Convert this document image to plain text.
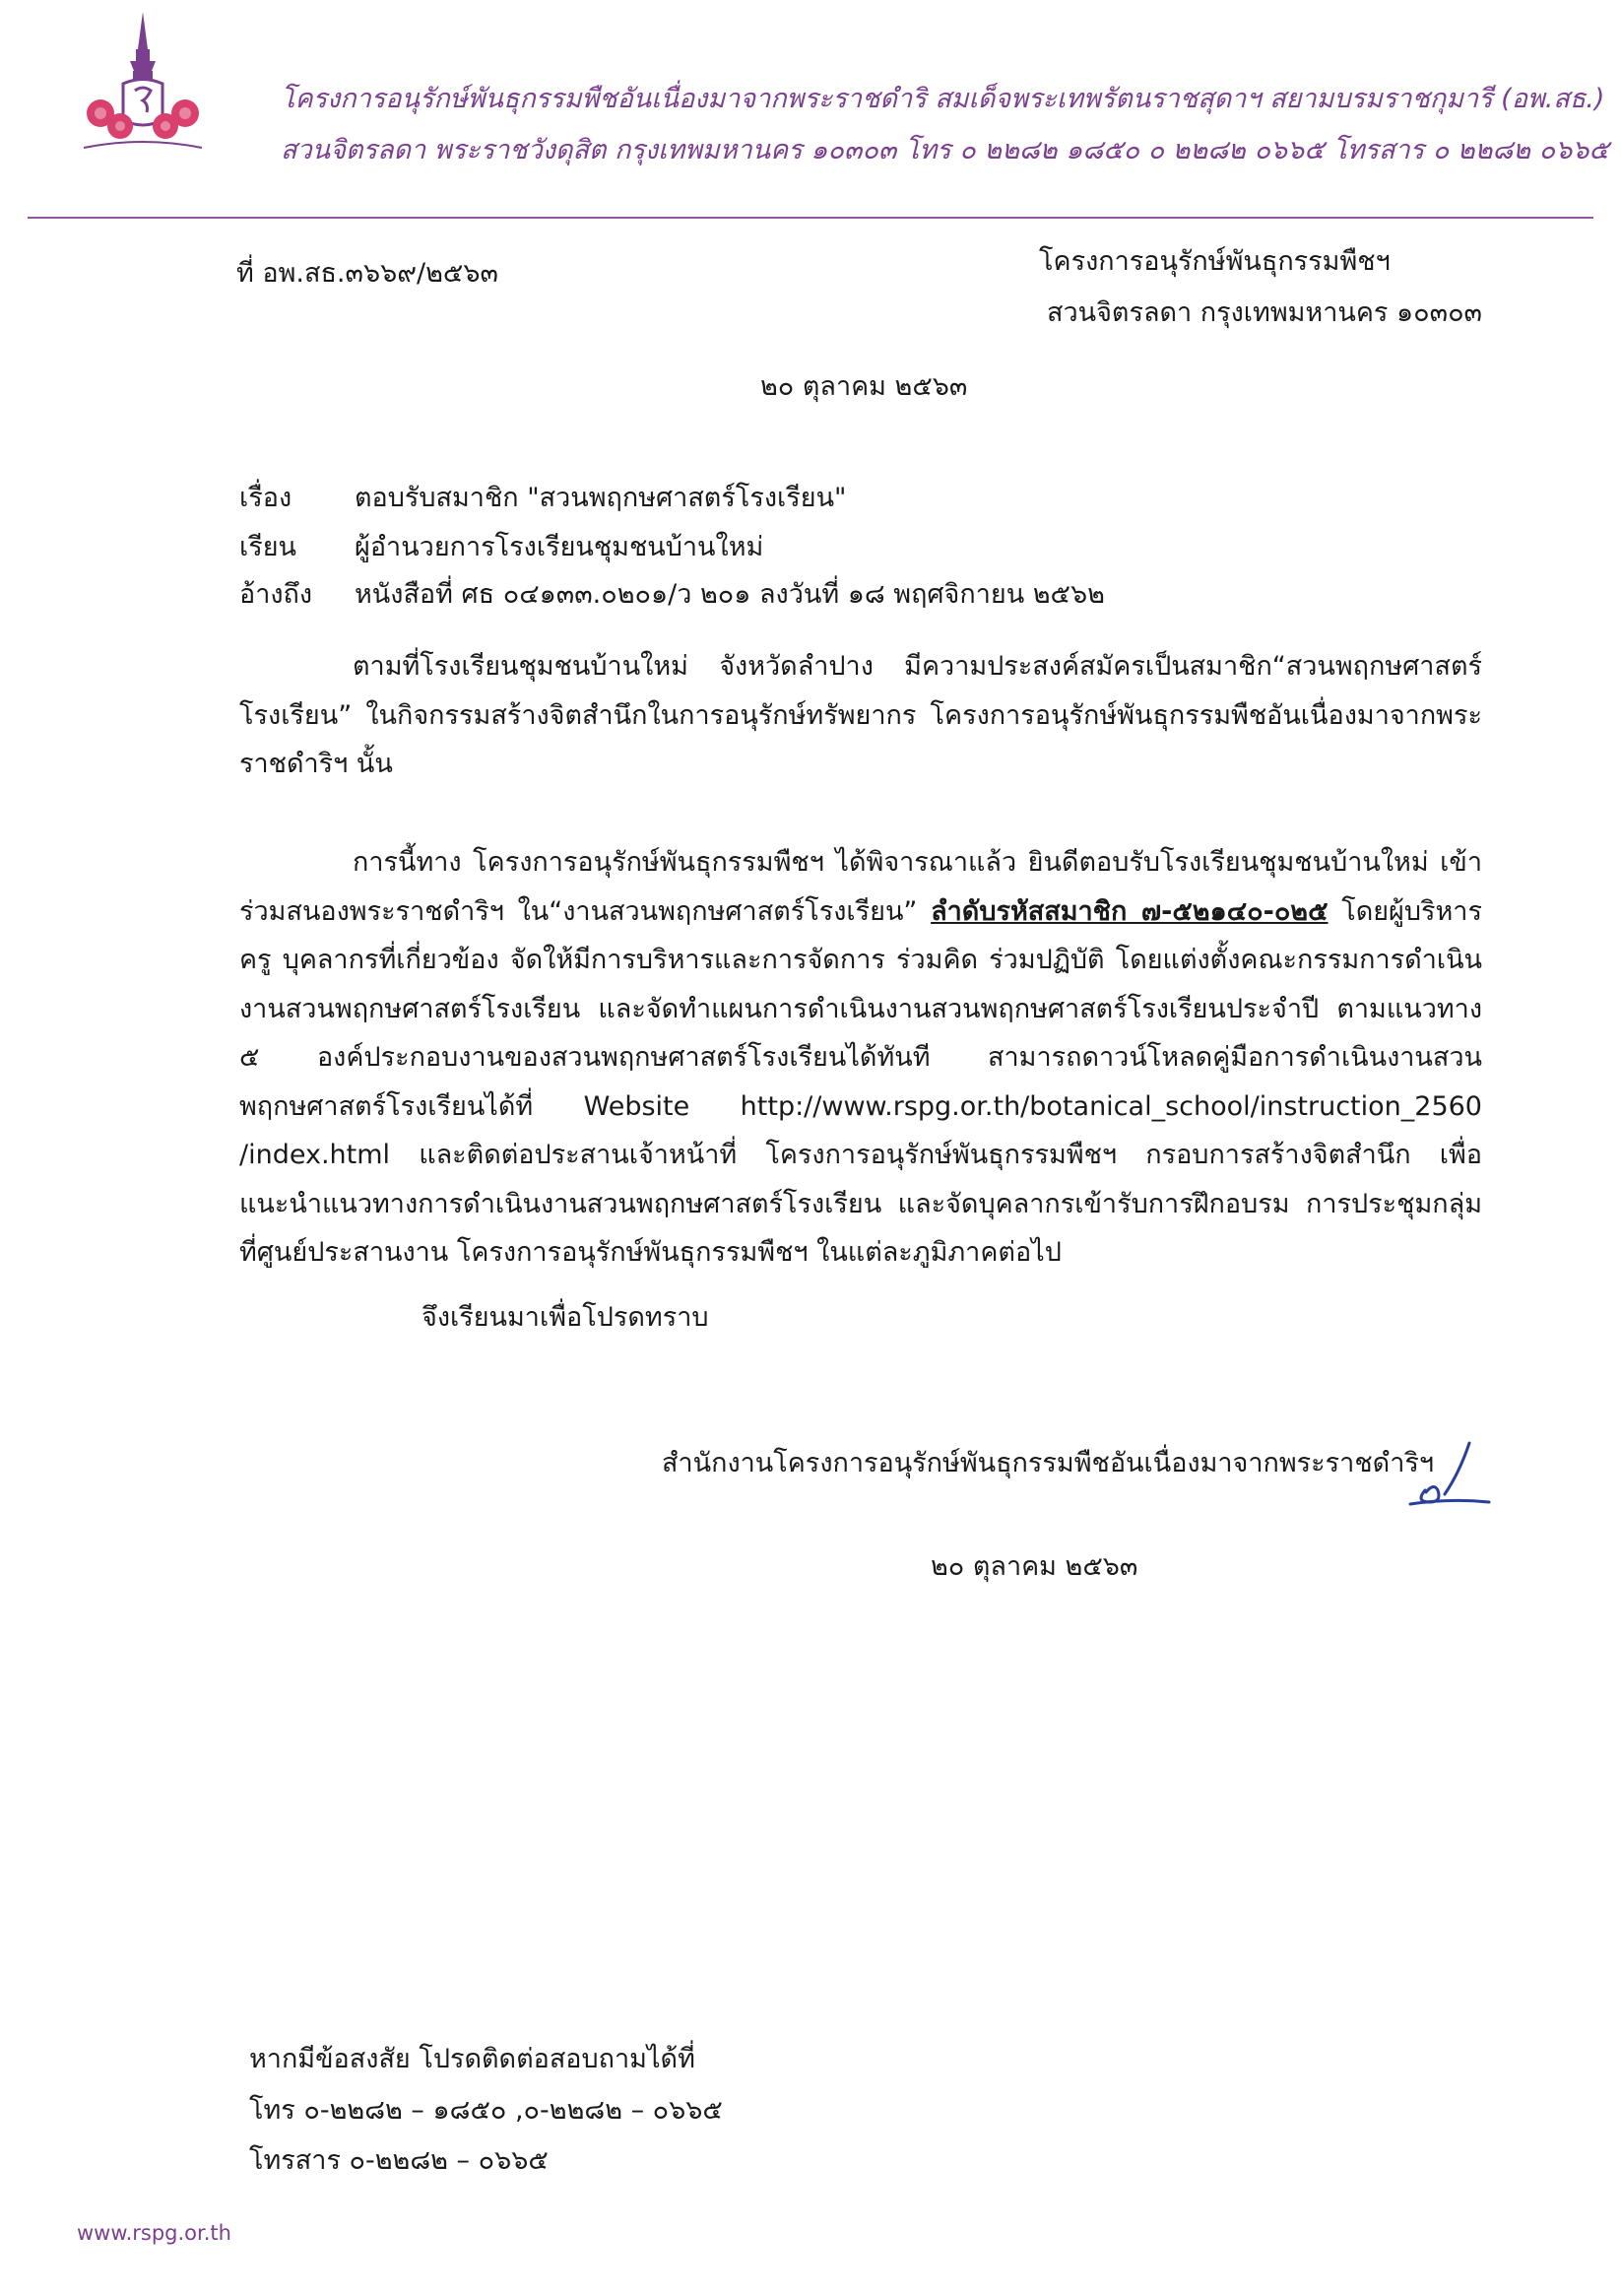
โครงการอนุรักษ์พันธุกรรมพืชอันเนื่องมาจากพระราชดำริ สมเด็จพระเทพรัตนราชสุดาฯ สยามบรมราชกุมารี (อพ.สธ.)
สวนจิตรลดา พระราชวังดุสิต กรุงเทพมหานคร ๑๐๓๐๓ โทร ๐ ๒๒๘๒ ๑๘๕๐ ๐ ๒๒๘๒ ๐๖๖๕ โทรสาร ๐ ๒๒๘๒ ๐๖๖๕
ที่ อพ.สธ.๓๖๖๙/๒๕๖๓	โครงการอนุรักษ์พันธุกรรมพืชฯ
สวนจิตรลดา กรุงเทพมหานคร ๑๐๓๐๓
๒๐ ตุลาคม ๒๕๖๓
เรื่อง ตอบรับสมาชิก "สวนพฤกษศาสตร์โรงเรียน"
เรียน ผู้อำนวยการโรงเรียนชุมชนบ้านใหม่
อ้างถึง หนังสือที่ ศธ ๐๔๑๓๓.๐๒๐๑/ว ๒๐๑ ลงวันที่ ๑๘ พฤศจิกายน ๒๕๖๒
ตามที่โรงเรียนชุมชนบ้านใหม่ จังหวัดลำปาง มีความประสงค์สมัครเป็นสมาชิก“สวนพฤกษศาสตร์โรงเรียน” ในกิจกรรมสร้างจิตสำนึกในการอนุรักษ์ทรัพยากร โครงการอนุรักษ์พันธุกรรมพืชอันเนื่องมาจากพระราชดำริฯ นั้น
การนี้ทาง โครงการอนุรักษ์พันธุกรรมพืชฯ ได้พิจารณาแล้ว ยินดีตอบรับโรงเรียนชุมชนบ้านใหม่ เข้าร่วมสนองพระราชดำริฯ ใน“งานสวนพฤกษศาสตร์โรงเรียน” ลำดับรหัสสมาชิก ๗-๕๒๑๔๐-๐๒๕ โดยผู้บริหาร ครู บุคลากรที่เกี่ยวข้อง จัดให้มีการบริหารและการจัดการ ร่วมคิด ร่วมปฏิบัติ โดยแต่งตั้งคณะกรรมการดำเนินงานสวนพฤกษศาสตร์โรงเรียน และจัดทำแผนการดำเนินงานสวนพฤกษศาสตร์โรงเรียนประจำปี ตามแนวทาง ๕ องค์ประกอบงานของสวนพฤกษศาสตร์โรงเรียนได้ทันที สามารถดาวน์โหลดคู่มือการดำเนินงานสวนพฤกษศาสตร์โรงเรียนได้ที่ Website http://www.rspg.or.th/botanical_school/instruction_2560 /index.html และติดต่อประสานเจ้าหน้าที่ โครงการอนุรักษ์พันธุกรรมพืชฯ กรอบการสร้างจิตสำนึก เพื่อแนะนำแนวทางการดำเนินงานสวนพฤกษศาสตร์โรงเรียน และจัดบุคลากรเข้ารับการฝึกอบรม การประชุมกลุ่ม ที่ศูนย์ประสานงาน โครงการอนุรักษ์พันธุกรรมพืชฯ ในแต่ละภูมิภาคต่อไป
จึงเรียนมาเพื่อโปรดทราบ
สำนักงานโครงการอนุรักษ์พันธุกรรมพืชอันเนื่องมาจากพระราชดำริฯ
๒๐ ตุลาคม ๒๕๖๓
หากมีข้อสงสัย โปรดติดต่อสอบถามได้ที่
โทร ๐-๒๒๘๒ – ๑๘๕๐ ,๐-๒๒๘๒ – ๐๖๖๕
โทรสาร ๐-๒๒๘๒ – ๐๖๖๕
www.rspg.or.th
